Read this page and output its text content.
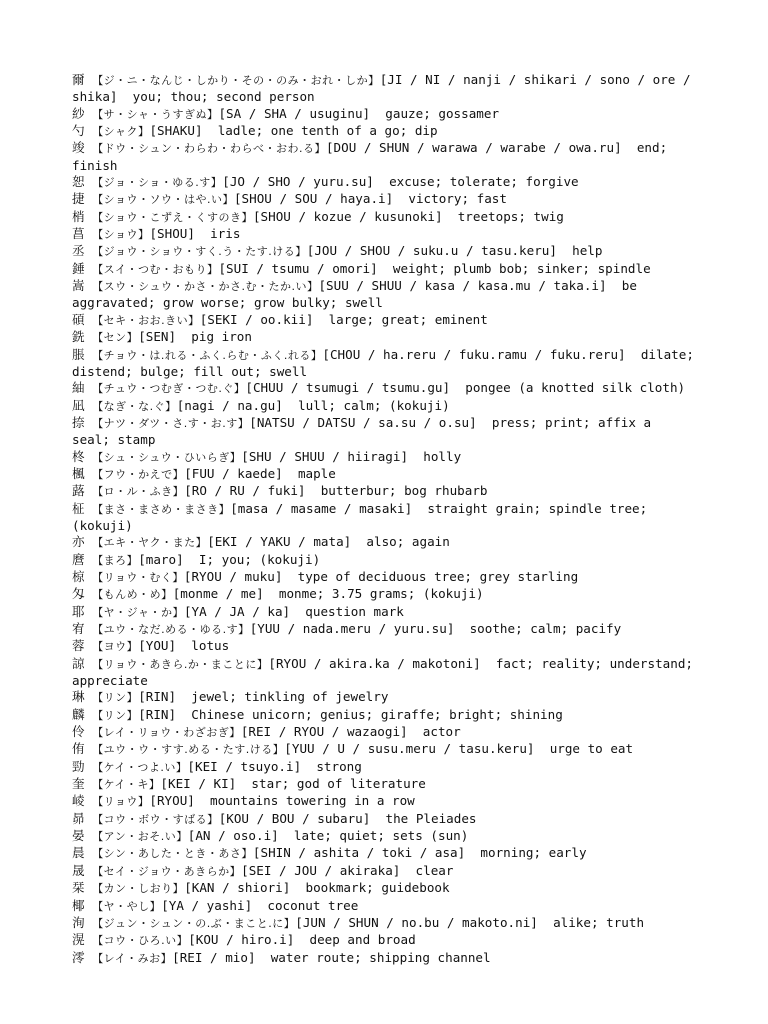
爾 【ジ・ニ・なんじ・しかり・その・のみ・おれ・しか】[JI / NI / nanji / shikari / sono / ore / shika] you; thou; second person

紗 【サ・シャ・うすぎぬ】[SA / SHA / usuginu] gauze; gossamer

勺 【シャク】[SHAKU] ladle; one tenth of a go; dip

竣 【ドウ・シュン・わらわ・わらべ・おわ.る】[DOU / SHUN / warawa / warabe / owa.ru] end; finish

恕 【ジョ・ショ・ゆる.す】[JO / SHO / yuru.su] excuse; tolerate; forgive

捷 【ショウ・ソウ・はや.い】[SHOU / SOU / haya.i] victory; fast

梢 【ショウ・こずえ・くすのき】[SHOU / kozue / kusunoki] treetops; twig

菖 【ショウ】[SHOU] iris

丞 【ジョウ・ショウ・すく.う・たす.ける】[JOU / SHOU / suku.u / tasu.keru] help

錘 【スイ・つむ・おもり】[SUI / tsumu / omori] weight; plumb bob; sinker; spindle

嵩 【スウ・シュウ・かさ・かさ.む・たか.い】[SUU / SHUU / kasa / kasa.mu / taka.i] be aggravated; grow worse; grow bulky; swell

碩 【セキ・おお.きい】[SEKI / oo.kii] large; great; eminent

銑 【セン】[SEN] pig iron

脹 【チョウ・は.れる・ふく.らむ・ふく.れる】[CHOU / ha.reru / fuku.ramu / fuku.reru] dilate; distend; bulge; fill out; swell

紬 【チュウ・つむぎ・つむ.ぐ】[CHUU / tsumugi / tsumu.gu] pongee (a knotted silk cloth)

凪 【なぎ・な.ぐ】[nagi / na.gu] lull; calm; (kokuji)

捺 【ナツ・ダツ・さ.す・お.す】[NATSU / DATSU / sa.su / o.su] press; print; affix a seal; stamp

柊 【シュ・シュウ・ひいらぎ】[SHU / SHUU / hiiragi] holly

楓 【フウ・かえで】[FUU / kaede] maple

蕗 【ロ・ル・ふき】[RO / RU / fuki] butterbur; bog rhubarb

柾 【まさ・まさめ・まさき】[masa / masame / masaki] straight grain; spindle tree; (kokuji)

亦 【エキ・ヤク・また】[EKI / YAKU / mata] also; again

麿 【まろ】[maro] I; you; (kokuji)

椋 【リョウ・むく】[RYOU / muku] type of deciduous tree; grey starling

匁 【もんめ・め】[monme / me] monme; 3.75 grams; (kokuji)

耶 【ヤ・ジャ・か】[YA / JA / ka] question mark

宥 【ユウ・なだ.める・ゆる.す】[YUU / nada.meru / yuru.su] soothe; calm; pacify

蓉 【ヨウ】[YOU] lotus

諒 【リョウ・あきら.か・まことに】[RYOU / akira.ka / makotoni] fact; reality; understand; appreciate

琳 【リン】[RIN] jewel; tinkling of jewelry

麟 【リン】[RIN] Chinese unicorn; genius; giraffe; bright; shining

伶 【レイ・リョウ・わざおぎ】[REI / RYOU / wazaogi] actor

侑 【ユウ・ウ・すす.める・たす.ける】[YUU / U / susu.meru / tasu.keru] urge to eat

勁 【ケイ・つよ.い】[KEI / tsuyo.i] strong

奎 【ケイ・キ】[KEI / KI] star; god of literature

崚 【リョウ】[RYOU] mountains towering in a row

昴 【コウ・ボウ・すばる】[KOU / BOU / subaru] the Pleiades

晏 【アン・おそ.い】[AN / oso.i] late; quiet; sets (sun)

晨 【シン・あした・とき・あさ】[SHIN / ashita / toki / asa] morning; early

晟 【セイ・ジョウ・あきらか】[SEI / JOU / akiraka] clear

栞 【カン・しおり】[KAN / shiori] bookmark; guidebook

椰 【ヤ・やし】[YA / yashi] coconut tree

洵 【ジュン・シュン・の.ぶ・まこと.に】[JUN / SHUN / no.bu / makoto.ni] alike; truth

滉 【コウ・ひろ.い】[KOU / hiro.i] deep and broad

澪 【レイ・みお】[REI / mio] water route; shipping channel
